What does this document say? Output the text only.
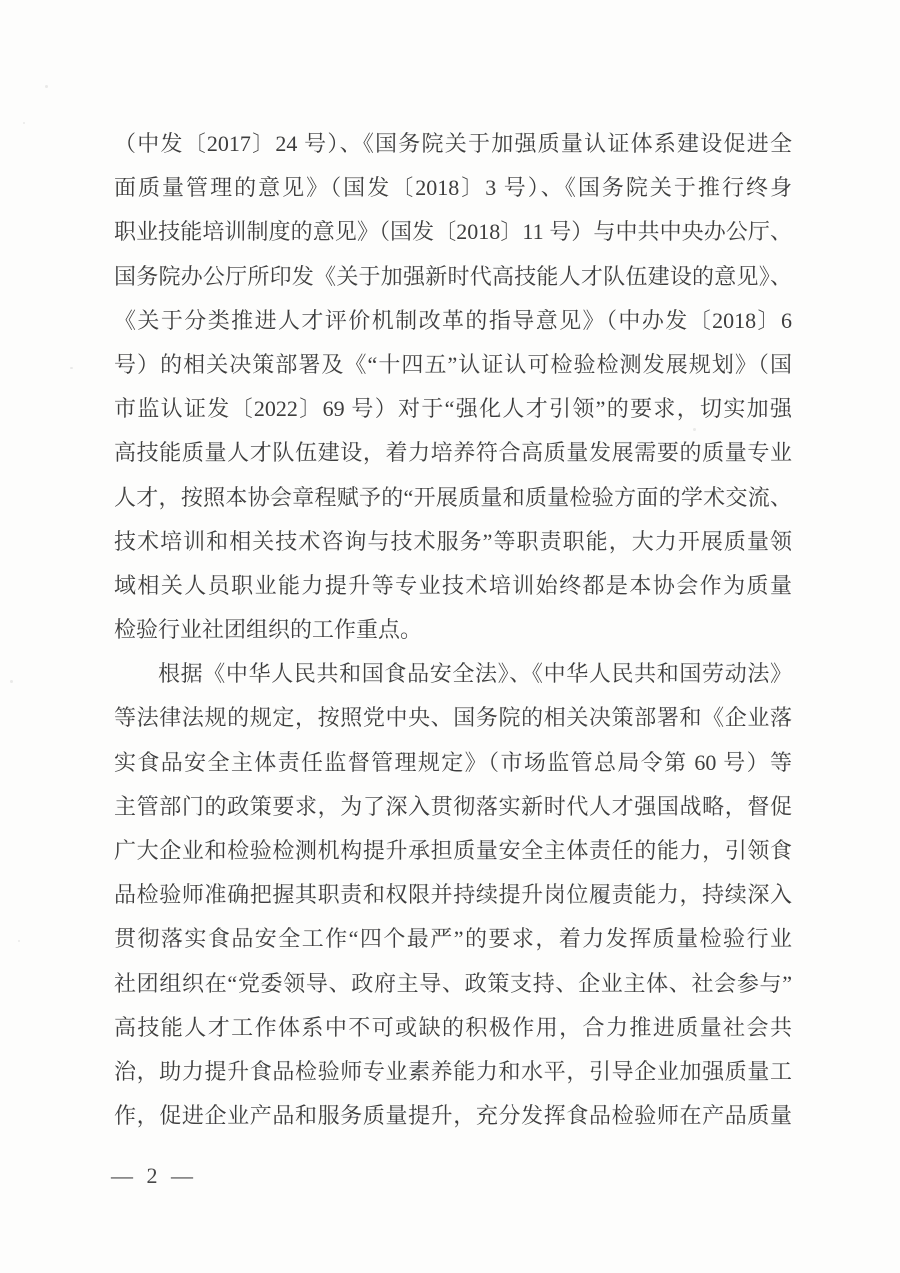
（中发〔2017〕24 号）、《国务院关于加强质量认证体系建设促进全
面质量管理的意见》（国发〔2018〕3 号）、《国务院关于推行终身
职业技能培训制度的意见》（国发〔2018〕11 号）与中共中央办公厅、
国务院办公厅所印发《关于加强新时代高技能人才队伍建设的意见》、
《关于分类推进人才评价机制改革的指导意见》（中办发〔2018〕6
号）的相关决策部署及《“十四五”认证认可检验检测发展规划》（国
市监认证发〔2022〕69 号）对于“强化人才引领”的要求，切实加强
高技能质量人才队伍建设，着力培养符合高质量发展需要的质量专业
人才，按照本协会章程赋予的“开展质量和质量检验方面的学术交流、
技术培训和相关技术咨询与技术服务”等职责职能，大力开展质量领
域相关人员职业能力提升等专业技术培训始终都是本协会作为质量
检验行业社团组织的工作重点。
根据《中华人民共和国食品安全法》、《中华人民共和国劳动法》
等法律法规的规定，按照党中央、国务院的相关决策部署和《企业落
实食品安全主体责任监督管理规定》（市场监管总局令第 60 号）等
主管部门的政策要求，为了深入贯彻落实新时代人才强国战略，督促
广大企业和检验检测机构提升承担质量安全主体责任的能力，引领食
品检验师准确把握其职责和权限并持续提升岗位履责能力，持续深入
贯彻落实食品安全工作“四个最严”的要求，着力发挥质量检验行业
社团组织在“党委领导、政府主导、政策支持、企业主体、社会参与”
高技能人才工作体系中不可或缺的积极作用，合力推进质量社会共
治，助力提升食品检验师专业素养能力和水平，引导企业加强质量工
作，促进企业产品和服务质量提升，充分发挥食品检验师在产品质量
— 2 —
